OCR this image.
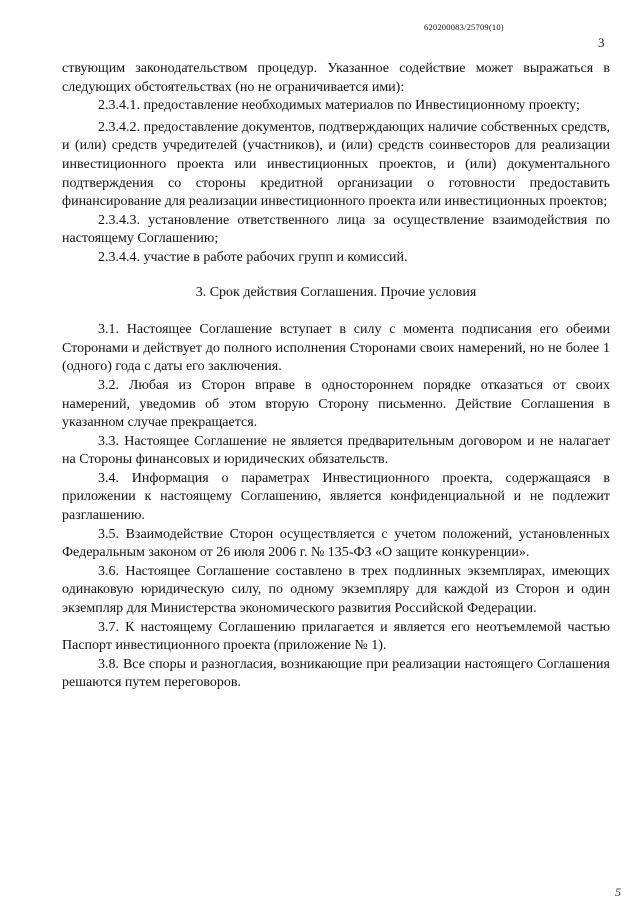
620200083/25709(10)
3

ствующим законодательством процедур. Указанное содействие может выражаться в следующих обстоятельствах (но не ограничивается ими):

2.3.4.1. предоставление необходимых материалов по Инвестиционному проекту;

2.3.4.2. предоставление документов, подтверждающих наличие собственных средств, и (или) средств учредителей (участников), и (или) средств соинвесторов для реализации инвестиционного проекта или инвестиционных проектов, и (или) документального подтверждения со стороны кредитной организации о готовности предоставить финансирование для реализации инвестиционного проекта или инвестиционных проектов;

2.3.4.3. установление ответственного лица за осуществление взаимодействия по настоящему Соглашению;

2.3.4.4. участие в работе рабочих групп и комиссий.

3. Срок действия Соглашения. Прочие условия

3.1. Настоящее Соглашение вступает в силу с момента подписания его обеими Сторонами и действует до полного исполнения Сторонами своих намерений, но не более 1 (одного) года с даты его заключения.

3.2. Любая из Сторон вправе в одностороннем порядке отказаться от своих намерений, уведомив об этом вторую Сторону письменно. Действие Соглашения в указанном случае прекращается.

3.3. Настоящее Соглашение не является предварительным договором и не налагает на Стороны финансовых и юридических обязательств.

3.4. Информация о параметрах Инвестиционного проекта, содержащаяся в приложении к настоящему Соглашению, является конфиденциальной и не подлежит разглашению.

3.5. Взаимодействие Сторон осуществляется с учетом положений, установленных Федеральным законом от 26 июля 2006 г. № 135-ФЗ «О защите конкуренции».

3.6. Настоящее Соглашение составлено в трех подлинных экземплярах, имеющих одинаковую юридическую силу, по одному экземпляру для каждой из Сторон и один экземпляр для Министерства экономического развития Российской Федерации.

3.7. К настоящему Соглашению прилагается и является его неотъемлемой частью Паспорт инвестиционного проекта (приложение № 1).

3.8. Все споры и разногласия, возникающие при реализации настоящего Соглашения решаются путем переговоров.

5
